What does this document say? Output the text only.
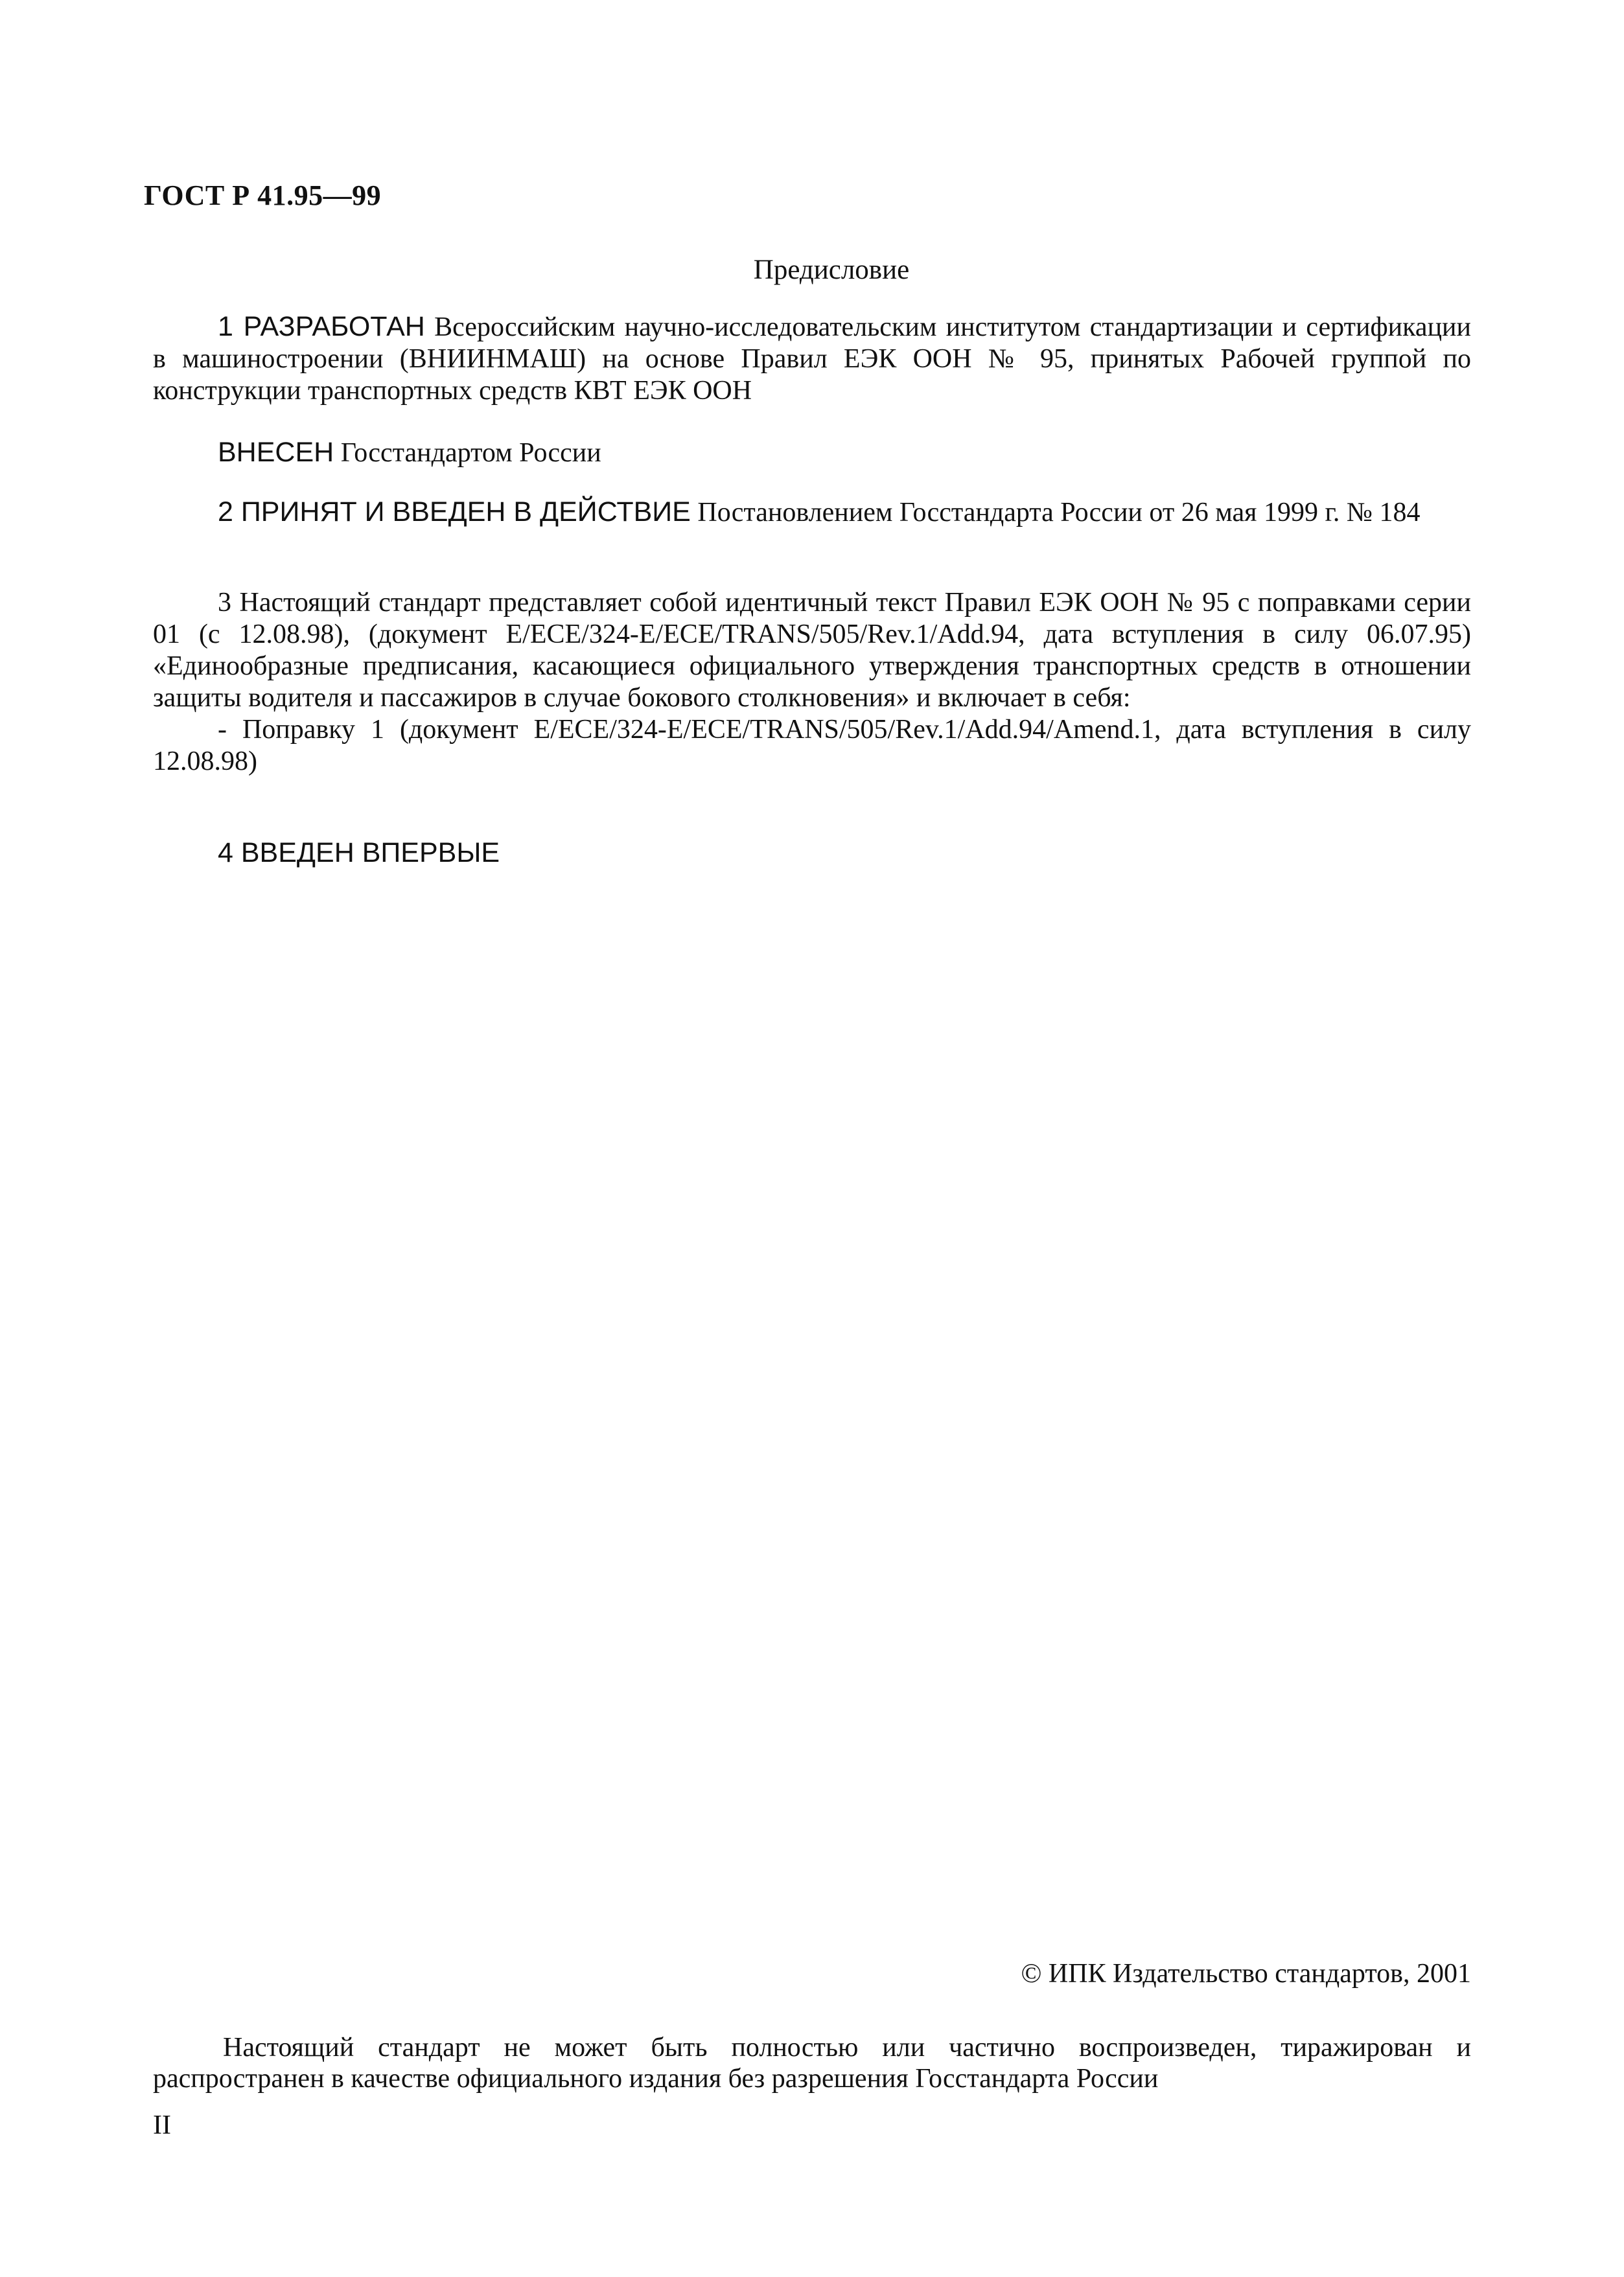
ГОСТ Р 41.95—99
Предисловие

1 РАЗРАБОТАН Всероссийским научно-исследовательским институтом стандартизации и сертификации в машиностроении (ВНИИНМАШ) на основе Правил ЕЭК ООН № 95, принятых Рабочей группой по конструкции транспортных средств КВТ ЕЭК ООН

ВНЕСЕН Госстандартом России

2 ПРИНЯТ И ВВЕДЕН В ДЕЙСТВИЕ Постановлением Госстандарта России от 26 мая 1999 г. № 184

3 Настоящий стандарт представляет собой идентичный текст Правил ЕЭК ООН № 95 с поправками серии 01 (с 12.08.98), (документ E/ECE/324-E/ECE/TRANS/505/Rev.1/Add.94, дата вступления в силу 06.07.95) «Единообразные предписания, касающиеся официального утверждения транспортных средств в отношении защиты водителя и пассажиров в случае бокового столкновения» и включает в себя:

- Поправку 1 (документ E/ECE/324-E/ECE/TRANS/505/Rev.1/Add.94/Amend.1, дата вступления в силу 12.08.98)

4 ВВЕДЕН ВПЕРВЫЕ

© ИПК Издательство стандартов, 2001
Настоящий стандарт не может быть полностью или частично воспроизведен, тиражирован и распространен в качестве официального издания без разрешения Госстандарта России
II
